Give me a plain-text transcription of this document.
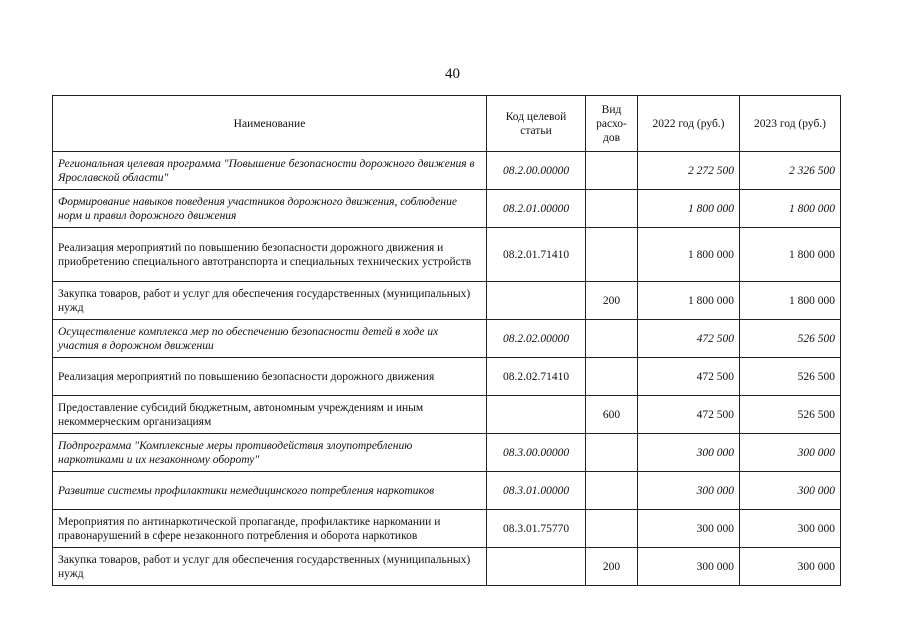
40
Наименование	Код целевой статьи	Вид расхо-дов	2022 год (руб.)	2023 год (руб.)
Региональная целевая программа "Повышение безопасности дорожного движения в Ярославской области"	08.2.00.00000		2 272 500	2 326 500
Формирование навыков поведения участников дорожного движения, соблюдение норм и правил дорожного движения	08.2.01.00000		1 800 000	1 800 000
Реализация мероприятий по повышению безопасности дорожного движения и приобретению специального автотранспорта и специальных технических устройств	08.2.01.71410		1 800 000	1 800 000
Закупка товаров, работ и услуг для обеспечения государственных (муниципальных) нужд		200	1 800 000	1 800 000
Осуществление комплекса мер по обеспечению безопасности детей в ходе их участия в дорожном движении	08.2.02.00000		472 500	526 500
Реализация мероприятий по повышению безопасности дорожного движения	08.2.02.71410		472 500	526 500
Предоставление субсидий бюджетным, автономным учреждениям и иным некоммерческим организациям		600	472 500	526 500
Подпрограмма "Комплексные меры противодействия злоупотреблению наркотиками и их незаконному обороту"	08.3.00.00000		300 000	300 000
Развитие системы профилактики немедицинского потребления наркотиков	08.3.01.00000		300 000	300 000
Мероприятия по антинаркотической пропаганде, профилактике наркомании и правонарушений в сфере незаконного потребления и оборота наркотиков	08.3.01.75770		300 000	300 000
Закупка товаров, работ и услуг для обеспечения государственных (муниципальных) нужд		200	300 000	300 000
